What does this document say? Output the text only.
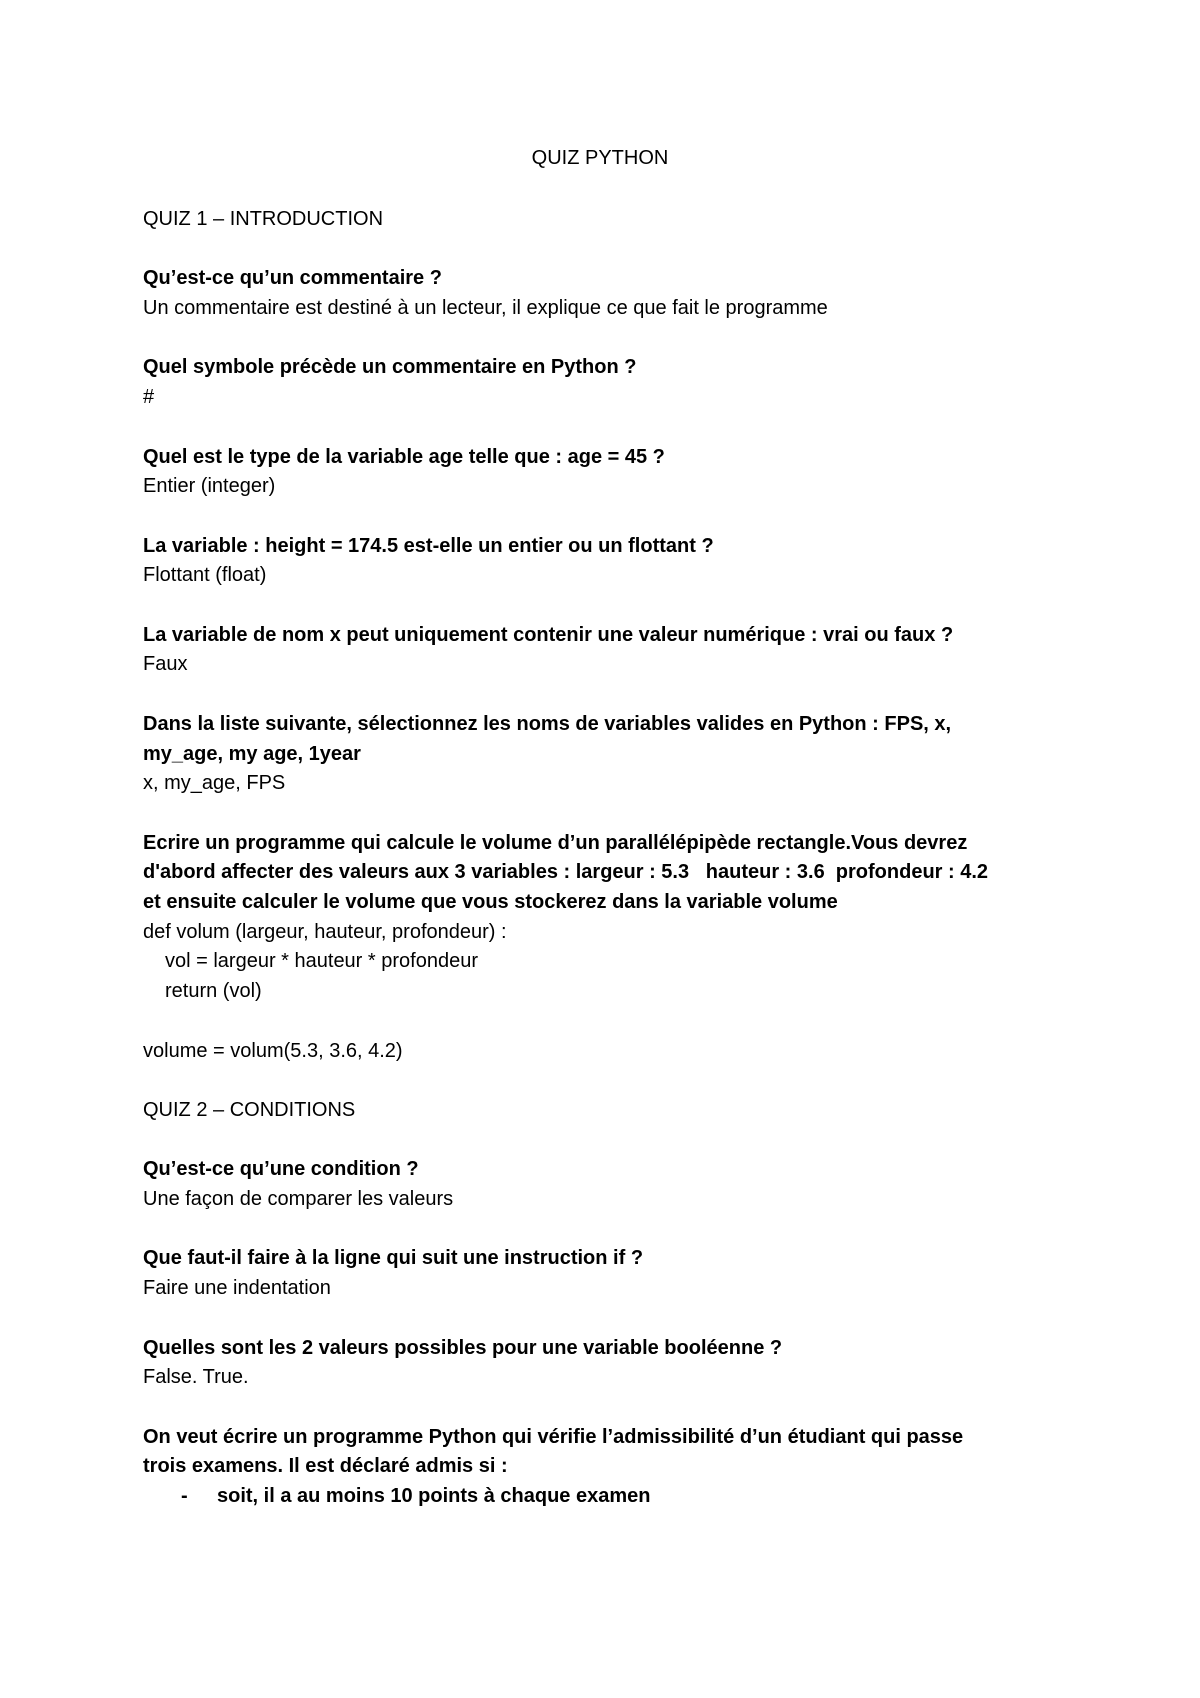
QUIZ PYTHON
QUIZ 1 – INTRODUCTION
Qu’est-ce qu’un commentaire ?
Un commentaire est destiné à un lecteur, il explique ce que fait le programme
Quel symbole précède un commentaire en Python ?
#
Quel est le type de la variable age telle que : age = 45 ?
Entier (integer)
La variable : height = 174.5 est-elle un entier ou un flottant ?
Flottant (float)
La variable de nom x peut uniquement contenir une valeur numérique : vrai ou faux ?
Faux
Dans la liste suivante, sélectionnez les noms de variables valides en Python : FPS, x,
my_age, my age, 1year
x, my_age, FPS
Ecrire un programme qui calcule le volume d’un parallélépipède rectangle.Vous devrez
d'abord affecter des valeurs aux 3 variables : largeur : 5.3   hauteur : 3.6  profondeur : 4.2
et ensuite calculer le volume que vous stockerez dans la variable volume
def volum (largeur, hauteur, profondeur) :
vol = largeur * hauteur * profondeur
return (vol)
volume = volum(5.3, 3.6, 4.2)
QUIZ 2 – CONDITIONS
Qu’est-ce qu’une condition ?
Une façon de comparer les valeurs
Que faut-il faire à la ligne qui suit une instruction if ?
Faire une indentation
Quelles sont les 2 valeurs possibles pour une variable booléenne ?
False. True.
On veut écrire un programme Python qui vérifie l’admissibilité d’un étudiant qui passe
trois examens. Il est déclaré admis si :
-	soit, il a au moins 10 points à chaque examen
